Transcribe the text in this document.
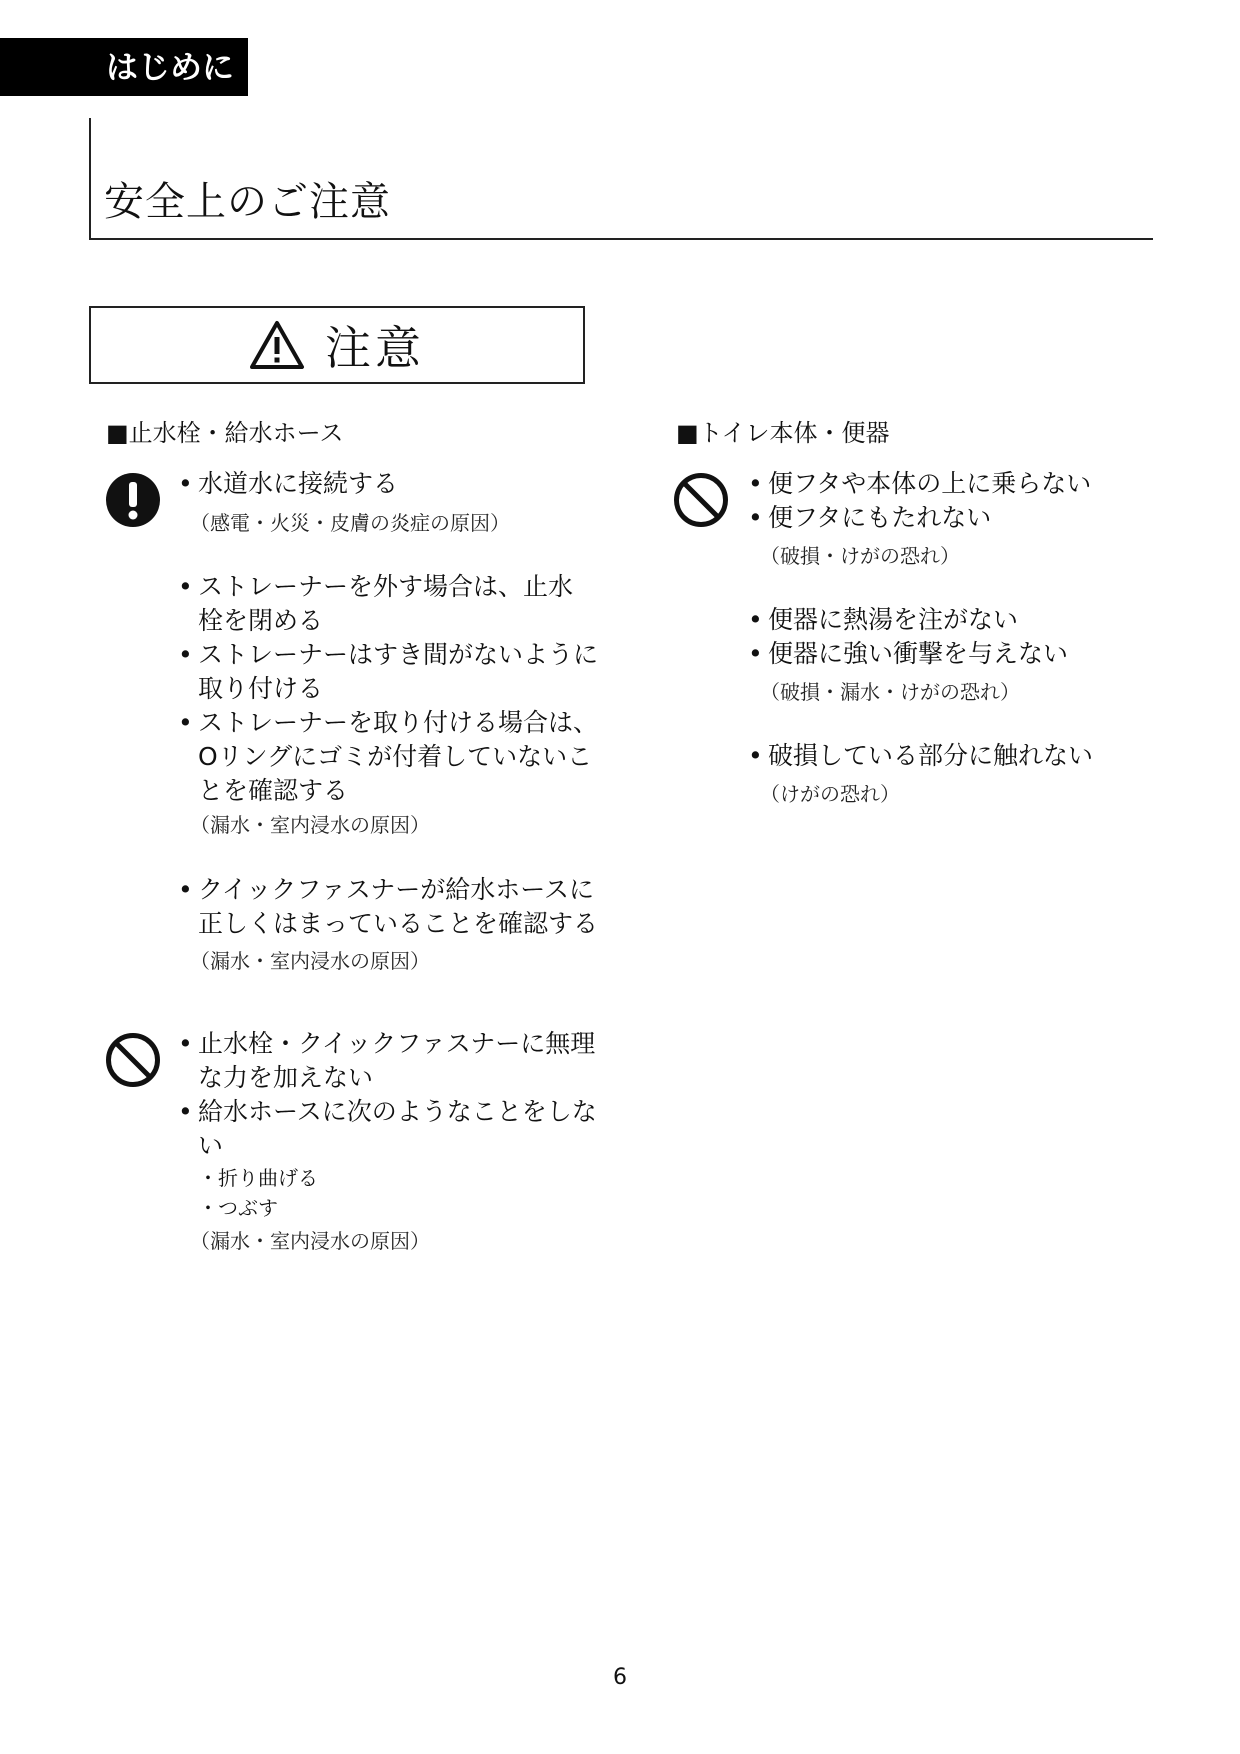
はじめに
安全上のご注意
注意
■止水栓・給水ホース
• 水道水に接続する
（感電・火災・皮膚の炎症の原因）
• ストレーナーを外す場合は、止水
栓を閉める
• ストレーナーはすき間がないように
取り付ける
• ストレーナーを取り付ける場合は、
Oリングにゴミが付着していないこ
とを確認する
（漏水・室内浸水の原因）
• クイックファスナーが給水ホースに
正しくはまっていることを確認する
（漏水・室内浸水の原因）
• 止水栓・クイックファスナーに無理
な力を加えない
• 給水ホースに次のようなことをしな
い
・折り曲げる
・つぶす
（漏水・室内浸水の原因）
■トイレ本体・便器
• 便フタや本体の上に乗らない
• 便フタにもたれない
（破損・けがの恐れ）
• 便器に熱湯を注がない
• 便器に強い衝撃を与えない
（破損・漏水・けがの恐れ）
• 破損している部分に触れない
（けがの恐れ）
6
